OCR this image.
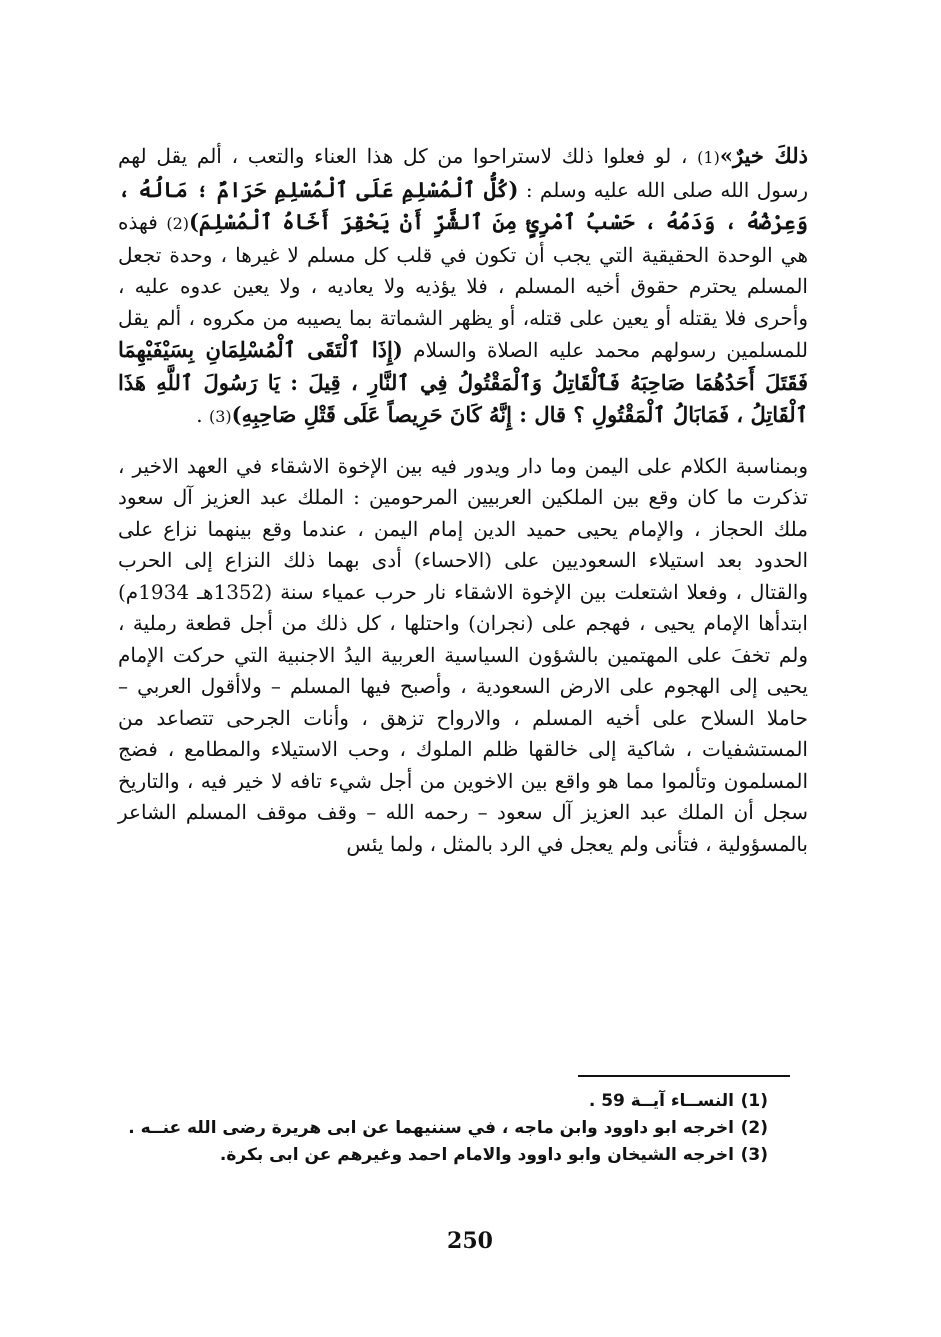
ذلكَ خيرٌ»(1) ، لو فعلوا ذلك لاستراحوا من كل هذا العناء والتعب ، ألم يقل لهم رسول الله صلى الله عليه وسلم : (كُلُّ ٱلْمُسْلِمِ عَلَى ٱلْمُسْلِمِ حَرَامٌ ؛ مَالُهُ ، وَعِرْضُهُ ، وَدَمُهُ ، حَسْبُ ٱمْرِئٍ مِنَ ٱلشَّرِّ أَنْ يَحْقِرَ أَخَاهُ ٱلْمُسْلِمَ)(2) فهذه هي الوحدة الحقيقية التي يجب أن تكون في قلب كل مسلم لا غيرها ، وحدة تجعل المسلم يحترم حقوق أخيه المسلم ، فلا يؤذيه ولا يعاديه ، ولا يعين عدوه عليه ، وأحرى فلا يقتله أو يعين على قتله، أو يظهر الشماتة بما يصيبه من مكروه ، ألم يقل للمسلمين رسولهم محمد عليه الصلاة والسلام (إِذَا ٱلْتَقَى ٱلْمُسْلِمَانِ بِسَيْفَيْهِمَا فَقَتَلَ أَحَدُهُمَا صَاحِبَهُ فَٱلْقَاتِلُ وَٱلْمَقْتُولُ فِي ٱلنَّارِ ، قِيلَ : يَا رَسُولَ ٱللَّهِ هَذَا ٱلْقَاتِلُ ، فَمَابَالُ ٱلْمَقْتُولِ ؟ قال : إِنَّهُ كَانَ حَرِيصاً عَلَى قَتْلِ صَاحِبِهِ)(3) .

وبمناسبة الكلام على اليمن وما دار ويدور فيه بين الإخوة الاشقاء في العهد الاخير ، تذكرت ما كان وقع بين الملكين العربيين المرحومين : الملك عبد العزيز آل سعود ملك الحجاز ، والإمام يحيى حميد الدين إمام اليمن ، عندما وقع بينهما نزاع على الحدود بعد استيلاء السعوديين على (الاحساء) أدى بهما ذلك النزاع إلى الحرب والقتال ، وفعلا اشتعلت بين الإخوة الاشقاء نار حرب عمياء سنة (1352هـ 1934م) ابتدأها الإمام يحيى ، فهجم على (نجران) واحتلها ، كل ذلك من أجل قطعة رملية ، ولم تخفَ على المهتمين بالشؤون السياسية العربية اليدُ الاجنبية التي حركت الإمام يحيى إلى الهجوم على الارض السعودية ، وأصبح فيها المسلم – ولاأقول العربي – حاملا السلاح على أخيه المسلم ، والارواح تزهق ، وأنات الجرحى تتصاعد من المستشفيات ، شاكية إلى خالقها ظلم الملوك ، وحب الاستيلاء والمطامع ، فضج المسلمون وتألموا مما هو واقع بين الاخوين من أجل شيء تافه لا خير فيه ، والتاريخ سجل أن الملك عبد العزيز آل سعود – رحمه الله – وقف موقف المسلم الشاعر بالمسؤولية ، فتأنى ولم يعجل في الرد بالمثل ، ولما يئس

(1)
النســاء آيــة 59 .
(2)
اخرجه ابو داوود وابن ماجه ، في سننيهما عن ابى هريرة رضى الله عنــه .
(3)
اخرجه الشيخان وابو داوود والامام احمد وغيرهم عن ابى بكرة.
250
